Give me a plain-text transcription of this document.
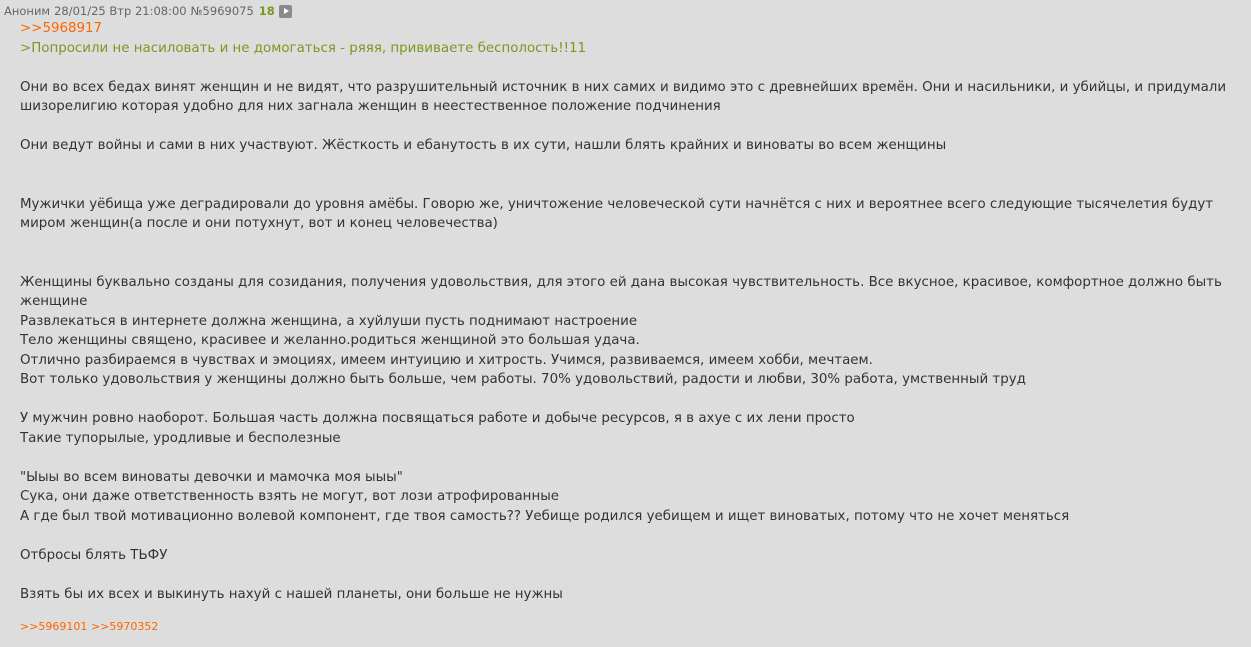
Аноним 28/01/25 Втр 21:08:00 №5969075 18
>>5968917
>Попросили не насиловать и не домогаться - ряяя, прививаете бесполость!!11
Они во всех бедах винят женщин и не видят, что разрушительный источник в них самих и видимо это с древнейших времён. Они и насильники, и убийцы, и придумали шизорелигию которая удобно для них загнала женщин в неестественное положение подчинения
Они ведут войны и сами в них участвуют. Жёсткость и ебанутость в их сути, нашли блять крайних и виноваты во всем женщины
Мужички уёбища уже деградировали до уровня амёбы. Говорю же, уничтожение человеческой сути начнётся с них и вероятнее всего следующие тысячелетия будут миром женщин(а после и они потухнут, вот и конец человечества)
Женщины буквально созданы для созидания, получения удовольствия, для этого ей дана высокая чувствительность. Все вкусное, красивое, комфортное должно быть женщине
Развлекаться в интернете должна женщина, а хуйлуши пусть поднимают настроение
Тело женщины священо, красивее и желанно.родиться женщиной это большая удача.
Отлично разбираемся в чувствах и эмоциях, имеем интуицию и хитрость. Учимся, развиваемся, имеем хобби, мечтаем.
Вот только удовольствия у женщины должно быть больше, чем работы. 70% удовольствий, радости и любви, 30% работа, умственный труд
У мужчин ровно наоборот. Большая часть должна посвящаться работе и добыче ресурсов, я в ахуе с их лени просто
Такие тупорылые, уродливые и бесполезные
"Ыыы во всем виноваты девочки и мамочка моя ыыы"
Сука, они даже ответственность взять не могут, вот лози атрофированные
А где был твой мотивационно волевой компонент, где твоя самость?? Уебище родился уебищем и ищет виноватых, потому что не хочет меняться
Отбросы блять ТЬФУ
Взять бы их всех и выкинуть нахуй с нашей планеты, они больше не нужны
>>5969101 >>5970352
